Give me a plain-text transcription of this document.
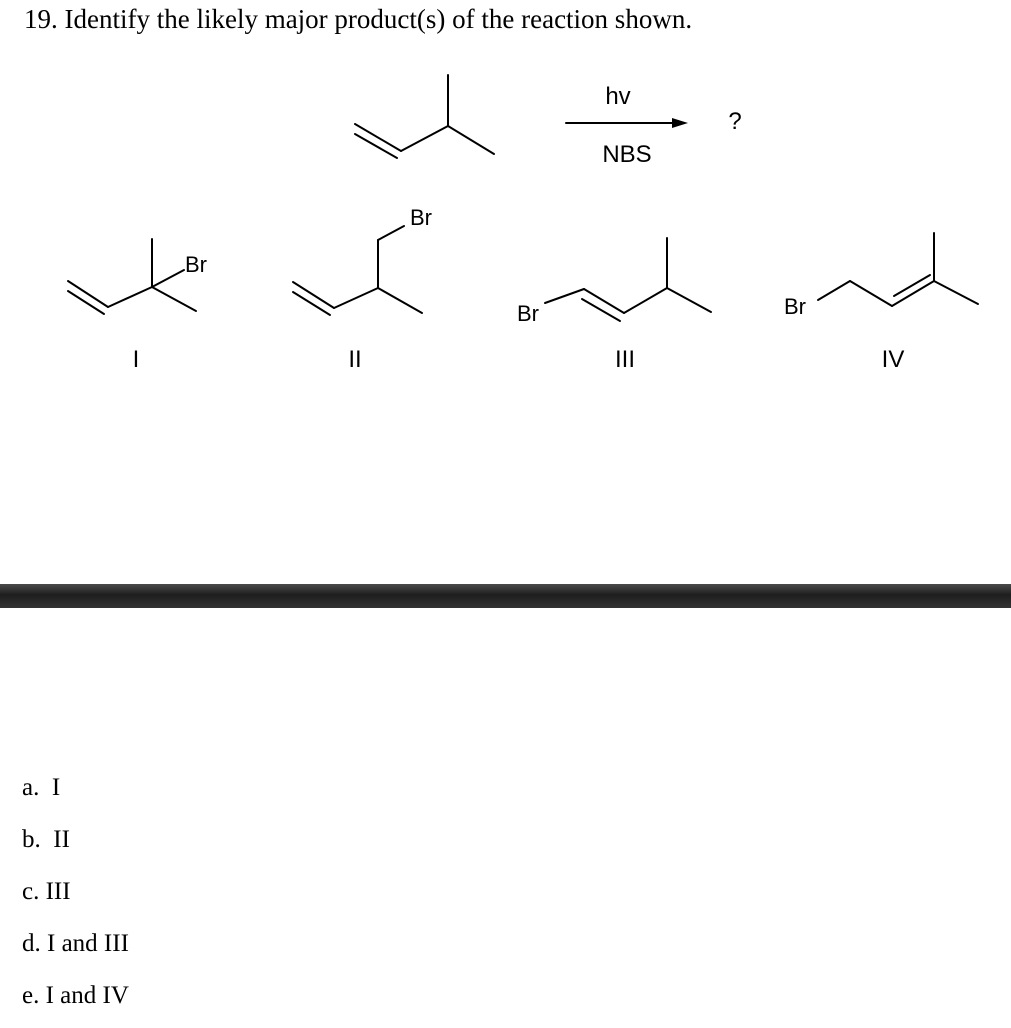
19. Identify the likely major product(s) of the reaction shown.
hv
NBS
?
Br
Br
Br	Br
I	II	III	IV
a. I
b. II
c. III
d. I and III
e. I and IV
